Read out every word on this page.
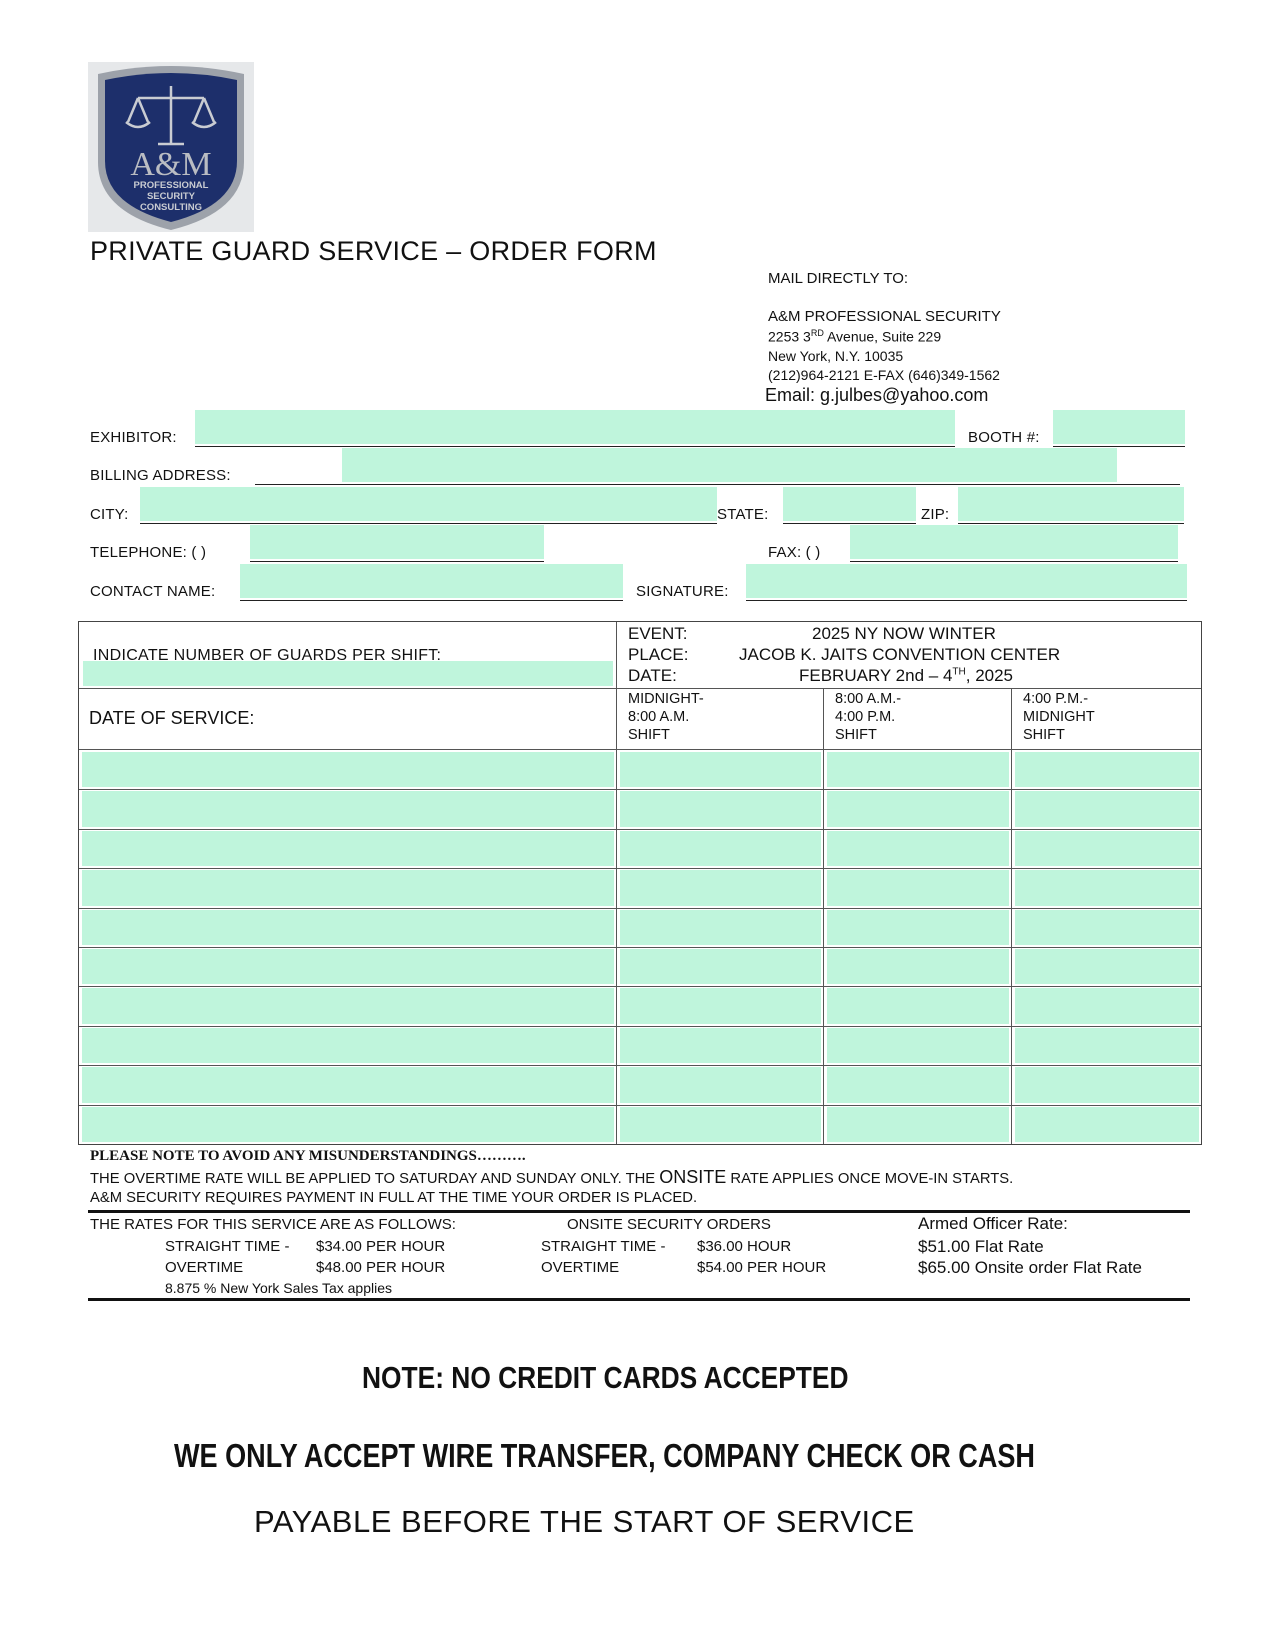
A&M
PROFESSIONAL
SECURITY
CONSULTING
PRIVATE GUARD SERVICE – ORDER FORM
MAIL DIRECTLY TO:
A&M PROFESSIONAL SECURITY
2253 3RD Avenue, Suite 229
New York, N.Y. 10035
(212)964-2121 E-FAX (646)349-1562
Email: g.julbes@yahoo.com
EXHIBITOR:	BOOTH #:
BILLING ADDRESS:
CITY:	STATE:	ZIP:
TELEPHONE: ( )	FAX: ( )
CONTACT NAME:	SIGNATURE:
INDICATE NUMBER OF GUARDS PER SHIFT:
EVENT:	2025 NY NOW WINTER
PLACE:	JACOB K. JAITS CONVENTION CENTER
DATE:	FEBRUARY 2nd – 4TH, 2025
DATE OF SERVICE:
MIDNIGHT-
8:00 A.M.
SHIFT
8:00 A.M.-
4:00 P.M.
SHIFT
4:00 P.M.-
MIDNIGHT
SHIFT
PLEASE NOTE TO AVOID ANY MISUNDERSTANDINGS……….
THE OVERTIME RATE WILL BE APPLIED TO SATURDAY AND SUNDAY ONLY. THE ONSITE RATE APPLIES ONCE MOVE-IN STARTS.
A&M SECURITY REQUIRES PAYMENT IN FULL AT THE TIME YOUR ORDER IS PLACED.
THE RATES FOR THIS SERVICE ARE AS FOLLOWS:
STRAIGHT TIME - $34.00 PER HOUR
OVERTIME	$48.00 PER HOUR
8.875 % New York Sales Tax applies
ONSITE SECURITY ORDERS
STRAIGHT TIME - $36.00 HOUR
OVERTIME	$54.00 PER HOUR
Armed Officer Rate:
$51.00 Flat Rate
$65.00 Onsite order Flat Rate
NOTE: NO CREDIT CARDS ACCEPTED
WE ONLY ACCEPT WIRE TRANSFER, COMPANY CHECK OR CASH
PAYABLE BEFORE THE START OF SERVICE
